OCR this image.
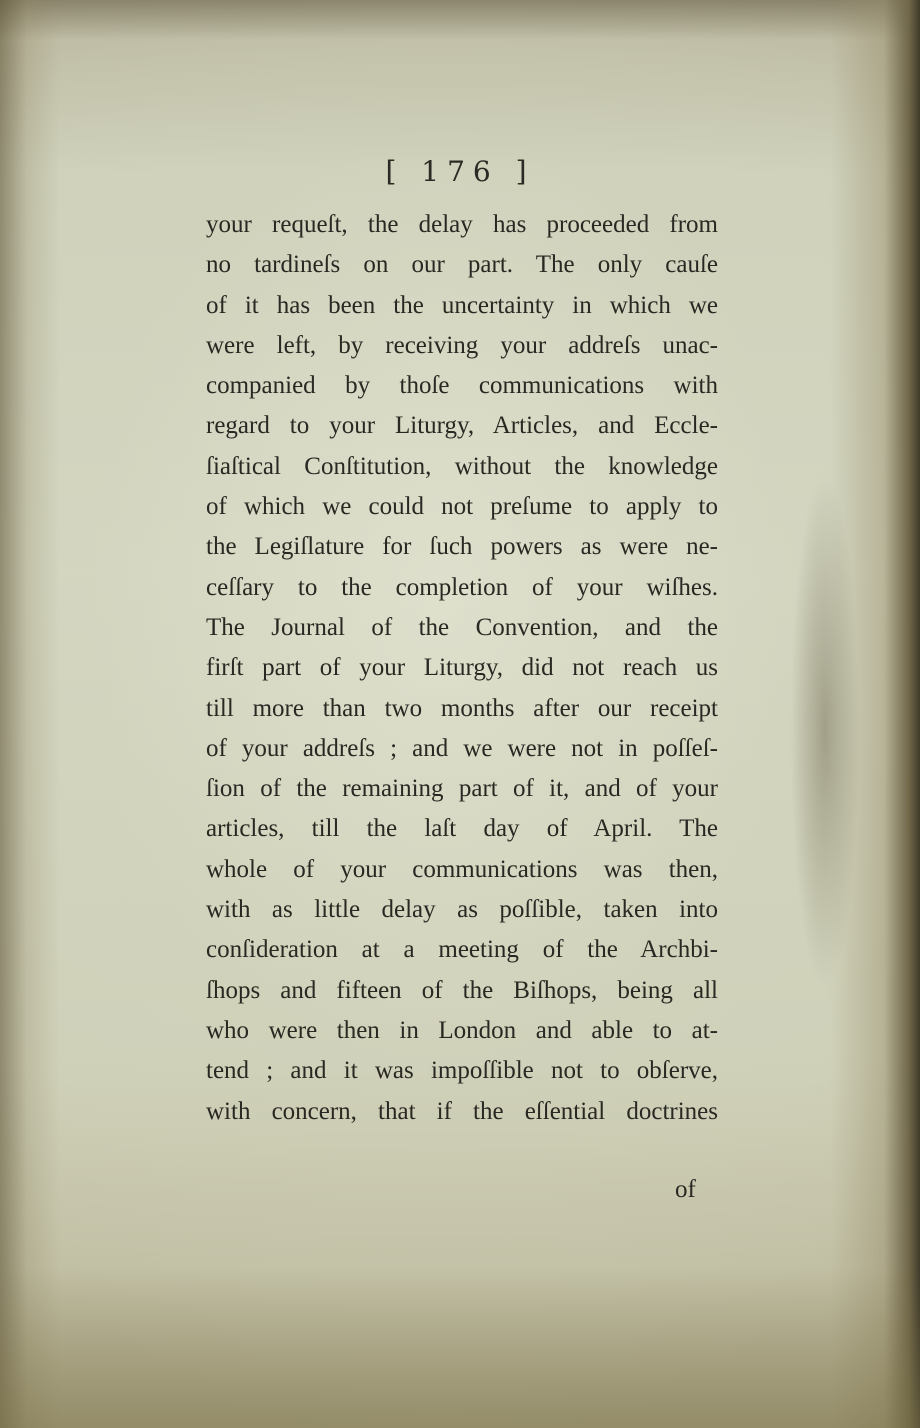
[ 176 ]
your requeſt, the delay has proceeded from
no tardineſs on our part. The only cauſe
of it has been the uncertainty in which we
were left, by receiving your addreſs unac-
companied by thoſe communications with
regard to your Liturgy, Articles, and Eccle-
ſiaſtical Conſtitution, without the knowledge
of which we could not preſume to apply to
the Legiſlature for ſuch powers as were ne-
ceſſary to the completion of your wiſhes.
The Journal of the Convention, and the
firſt part of your Liturgy, did not reach us
till more than two months after our receipt
of your addreſs ; and we were not in poſſeſ-
ſion of the remaining part of it, and of your
articles, till the laſt day of April. The
whole of your communications was then,
with as little delay as poſſible, taken into
conſideration at a meeting of the Archbi-
ſhops and fifteen of the Biſhops, being all
who were then in London and able to at-
tend ; and it was impoſſible not to obſerve,
with concern, that if the eſſential doctrines
of
